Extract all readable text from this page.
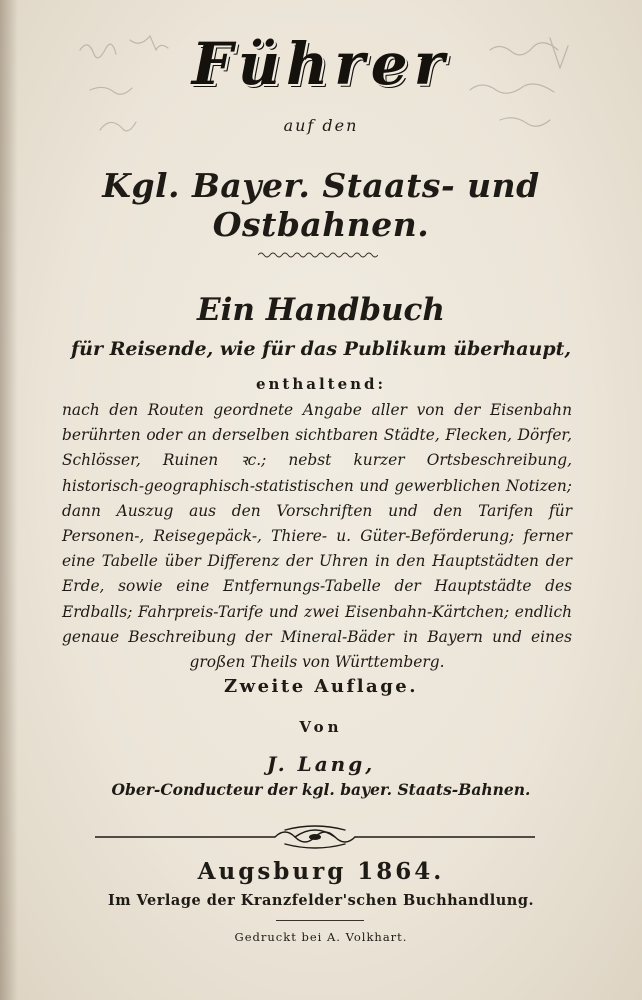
Führer
auf den
Kgl. Bayer. Staats- und Ostbahnen.
Ein Handbuch
für Reisende, wie für das Publikum überhaupt,
enthaltend:
nach den Routen geordnete Angabe aller von der Eisenbahn berührten oder an derselben sichtbaren Städte, Flecken, Dörfer, Schlösser, Ruinen ꝛc.; nebst kurzer Ortsbeschreibung, historisch-geographisch-statistischen und gewerblichen Notizen; dann Auszug aus den Vorschriften und den Tarifen für Personen-, Reisegepäck-, Thiere- u. Güter-Beförderung; ferner eine Tabelle über Differenz der Uhren in den Hauptstädten der Erde, sowie eine Entfernungs-Tabelle der Hauptstädte des Erdballs; Fahrpreis-Tarife und zwei Eisenbahn-Kärtchen; endlich genaue Beschreibung der Mineral-Bäder in Bayern und eines großen Theils von Württemberg.
Zweite Auflage.
Von
J. Lang,
Ober-Conducteur der kgl. bayer. Staats-Bahnen.
Augsburg 1864.
Im Verlage der Kranzfelder'schen Buchhandlung.
Gedruckt bei A. Volkhart.
